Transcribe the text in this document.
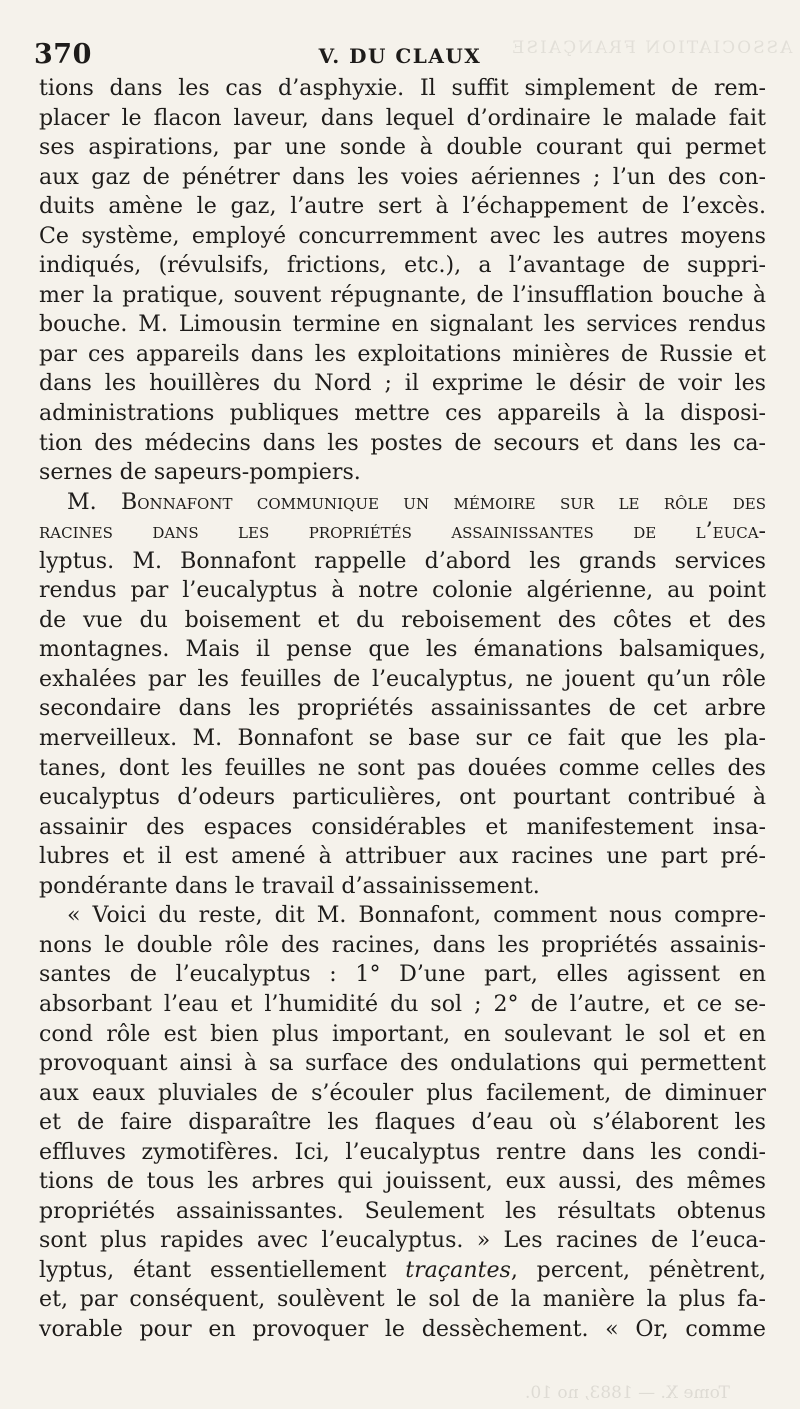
ASSOCIATION FRANÇAISE
370	V. DU CLAUX
tions dans les cas d’asphyxie. Il suffit simplement de rem-
placer le flacon laveur, dans lequel d’ordinaire le malade fait
ses aspirations, par une sonde à double courant qui permet
aux gaz de pénétrer dans les voies aériennes ; l’un des con-
duits amène le gaz, l’autre sert à l’échappement de l’excès.
Ce système, employé concurremment avec les autres moyens
indiqués, (révulsifs, frictions, etc.), a l’avantage de suppri-
mer la pratique, souvent répugnante, de l’insufflation bouche à
bouche. M. Limousin termine en signalant les services rendus
par ces appareils dans les exploitations minières de Russie et
dans les houillères du Nord ; il exprime le désir de voir les
administrations publiques mettre ces appareils à la disposi-
tion des médecins dans les postes de secours et dans les ca-
sernes de sapeurs-pompiers.
M. Bonnafont communique un mémoire sur le rôle des
racines dans les propriétés assainissantes de l’euca-
lyptus. M. Bonnafont rappelle d’abord les grands services
rendus par l’eucalyptus à notre colonie algérienne, au point
de vue du boisement et du reboisement des côtes et des
montagnes. Mais il pense que les émanations balsamiques,
exhalées par les feuilles de l’eucalyptus, ne jouent qu’un rôle
secondaire dans les propriétés assainissantes de cet arbre
merveilleux. M. Bonnafont se base sur ce fait que les pla-
tanes, dont les feuilles ne sont pas douées comme celles des
eucalyptus d’odeurs particulières, ont pourtant contribué à
assainir des espaces considérables et manifestement insa-
lubres et il est amené à attribuer aux racines une part pré-
pondérante dans le travail d’assainissement.
« Voici du reste, dit M. Bonnafont, comment nous compre-
nons le double rôle des racines, dans les propriétés assainis-
santes de l’eucalyptus : 1° D’une part, elles agissent en
absorbant l’eau et l’humidité du sol ; 2° de l’autre, et ce se-
cond rôle est bien plus important, en soulevant le sol et en
provoquant ainsi à sa surface des ondulations qui permettent
aux eaux pluviales de s’écouler plus facilement, de diminuer
et de faire disparaître les flaques d’eau où s’élaborent les
effluves zymotifères. Ici, l’eucalyptus rentre dans les condi-
tions de tous les arbres qui jouissent, eux aussi, des mêmes
propriétés assainissantes. Seulement les résultats obtenus
sont plus rapides avec l’eucalyptus. » Les racines de l’euca-
lyptus, étant essentiellement traçantes, percent, pénètrent,
et, par conséquent, soulèvent le sol de la manière la plus fa-
vorable pour en provoquer le dessèchement. « Or, comme
Tome X. — 1883, no 10.
